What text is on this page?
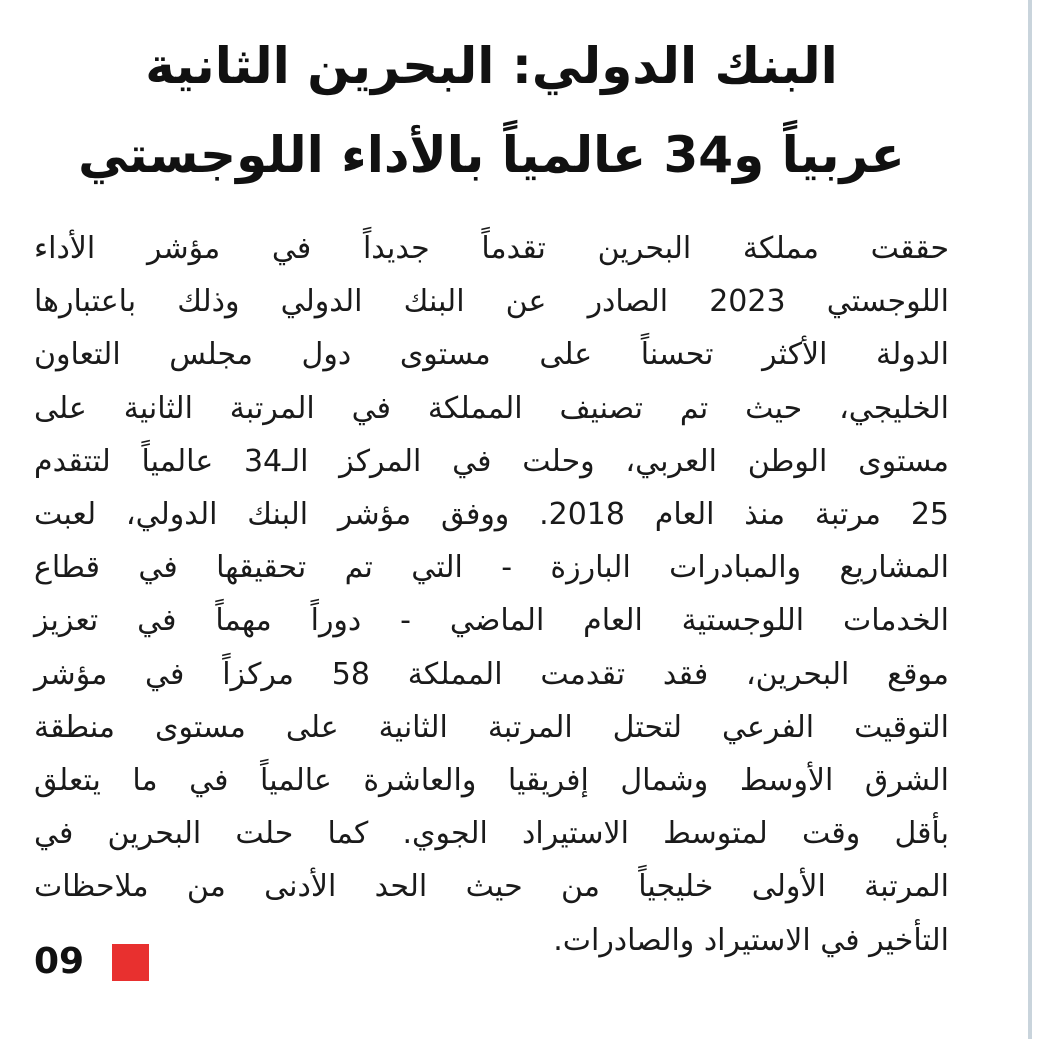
البنك الدولي: البحرين الثانية
عربياً و34 عالمياً بالأداء اللوجستي
حققت مملكة البحرين تقدماً جديداً في مؤشر الأداء
اللوجستي 2023 الصادر عن البنك الدولي وذلك باعتبارها
الدولة الأكثر تحسناً على مستوى دول مجلس التعاون
الخليجي، حيث تم تصنيف المملكة في المرتبة الثانية على
مستوى الوطن العربي، وحلت في المركز الـ34 عالمياً لتتقدم
25 مرتبة منذ العام 2018. ووفق مؤشر البنك الدولي، لعبت
المشاريع والمبادرات البارزة - التي تم تحقيقها في قطاع
الخدمات اللوجستية العام الماضي - دوراً مهماً في تعزيز
موقع البحرين، فقد تقدمت المملكة 58 مركزاً في مؤشر
التوقيت الفرعي لتحتل المرتبة الثانية على مستوى منطقة
الشرق الأوسط وشمال إفريقيا والعاشرة عالمياً في ما يتعلق
بأقل وقت لمتوسط الاستيراد الجوي. كما حلت البحرين في
المرتبة الأولى خليجياً من حيث الحد الأدنى من ملاحظات
التأخير في الاستيراد والصادرات.
09
